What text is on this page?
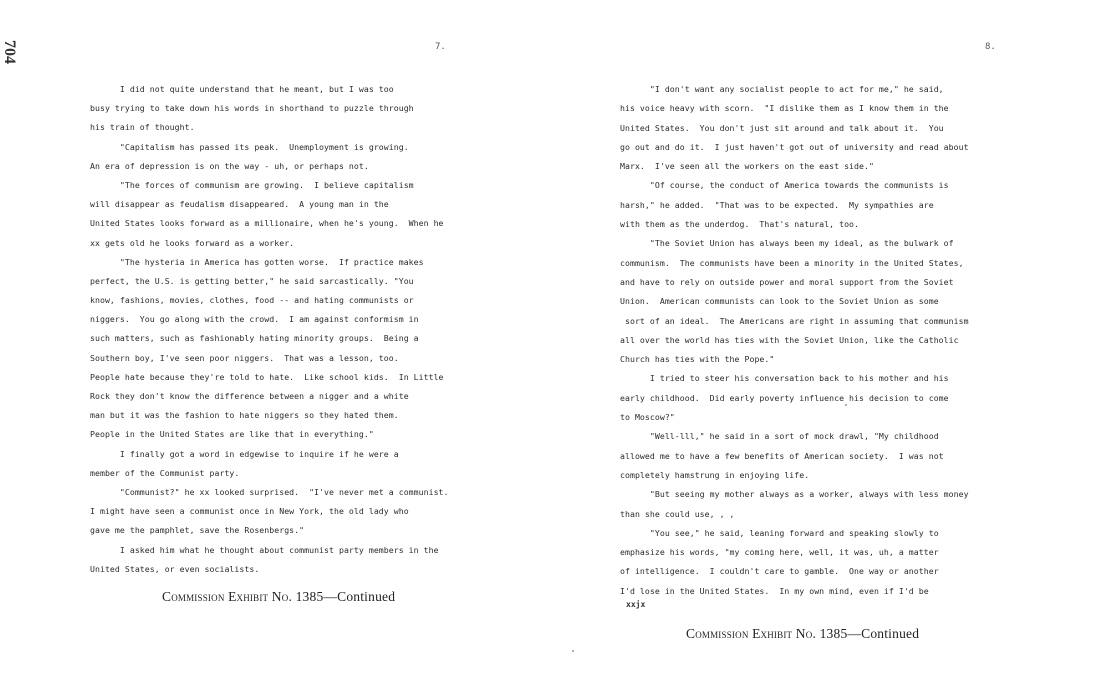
704	7.
I did not quite understand that he meant, but I was too
busy trying to take down his words in shorthand to puzzle through
his train of thought.
"Capitalism has passed its peak.  Unemployment is growing.
An era of depression is on the way - uh, or perhaps not.
"The forces of communism are growing.  I believe capitalism
will disappear as feudalism disappeared.  A young man in the
United States looks forward as a millionaire, when he's young.  When he
xx gets old he looks forward as a worker.
"The hysteria in America has gotten worse.  If practice makes
perfect, the U.S. is getting better," he said sarcastically. "You
know, fashions, movies, clothes, food -- and hating communists or
niggers.  You go along with the crowd.  I am against conformism in
such matters, such as fashionably hating minority groups.  Being a
Southern boy, I've seen poor niggers.  That was a lesson, too.
People hate because they're told to hate.  Like school kids.  In Little
Rock they don't know the difference between a nigger and a white
man but it was the fashion to hate niggers so they hated them.
People in the United States are like that in everything."
I finally got a word in edgewise to inquire if he were a
member of the Communist party.
"Communist?" he xx looked surprised.  "I've never met a communist.
I might have seen a communist once in New York, the old lady who
gave me the pamphlet, save the Rosenbergs."
I asked him what he thought about communist party members in the
United States, or even socialists.
Commission Exhibit No. 1385—Continued
8.
"I don't want any socialist people to act for me," he said,
his voice heavy with scorn.  "I dislike them as I know them in the
United States.  You don't just sit around and talk about it.  You
go out and do it.  I just haven't got out of university and read about
Marx.  I've seen all the workers on the east side."
"Of course, the conduct of America towards the communists is
harsh," he added.  "That was to be expected.  My sympathies are
with them as the underdog.  That's natural, too.
"The Soviet Union has always been my ideal, as the bulwark of
communism.  The communists have been a minority in the United States,
and have to rely on outside power and moral support from the Soviet
Union.  American communists can look to the Soviet Union as some
sort of an ideal.  The Americans are right in assuming that communism
all over the world has ties with the Soviet Union, like the Catholic
Church has ties with the Pope."
I tried to steer his conversation back to his mother and his
early childhood.  Did early poverty influence his decision to come
to Moscow?"
"Well-lll," he said in a sort of mock drawl, "My childhood
allowed me to have a few benefits of American society.  I was not
completely hamstrung in enjoying life.
"But seeing my mother always as a worker, always with less money
than she could use, , ,
"You see," he said, leaning forward and speaking slowly to
emphasize his words, "my coming here, well, it was, uh, a matter
of intelligence.  I couldn't care to gamble.  One way or another
I'd lose in the United States.  In my own mind, even if I'd be
xxjx
Commission Exhibit No. 1385—Continued
